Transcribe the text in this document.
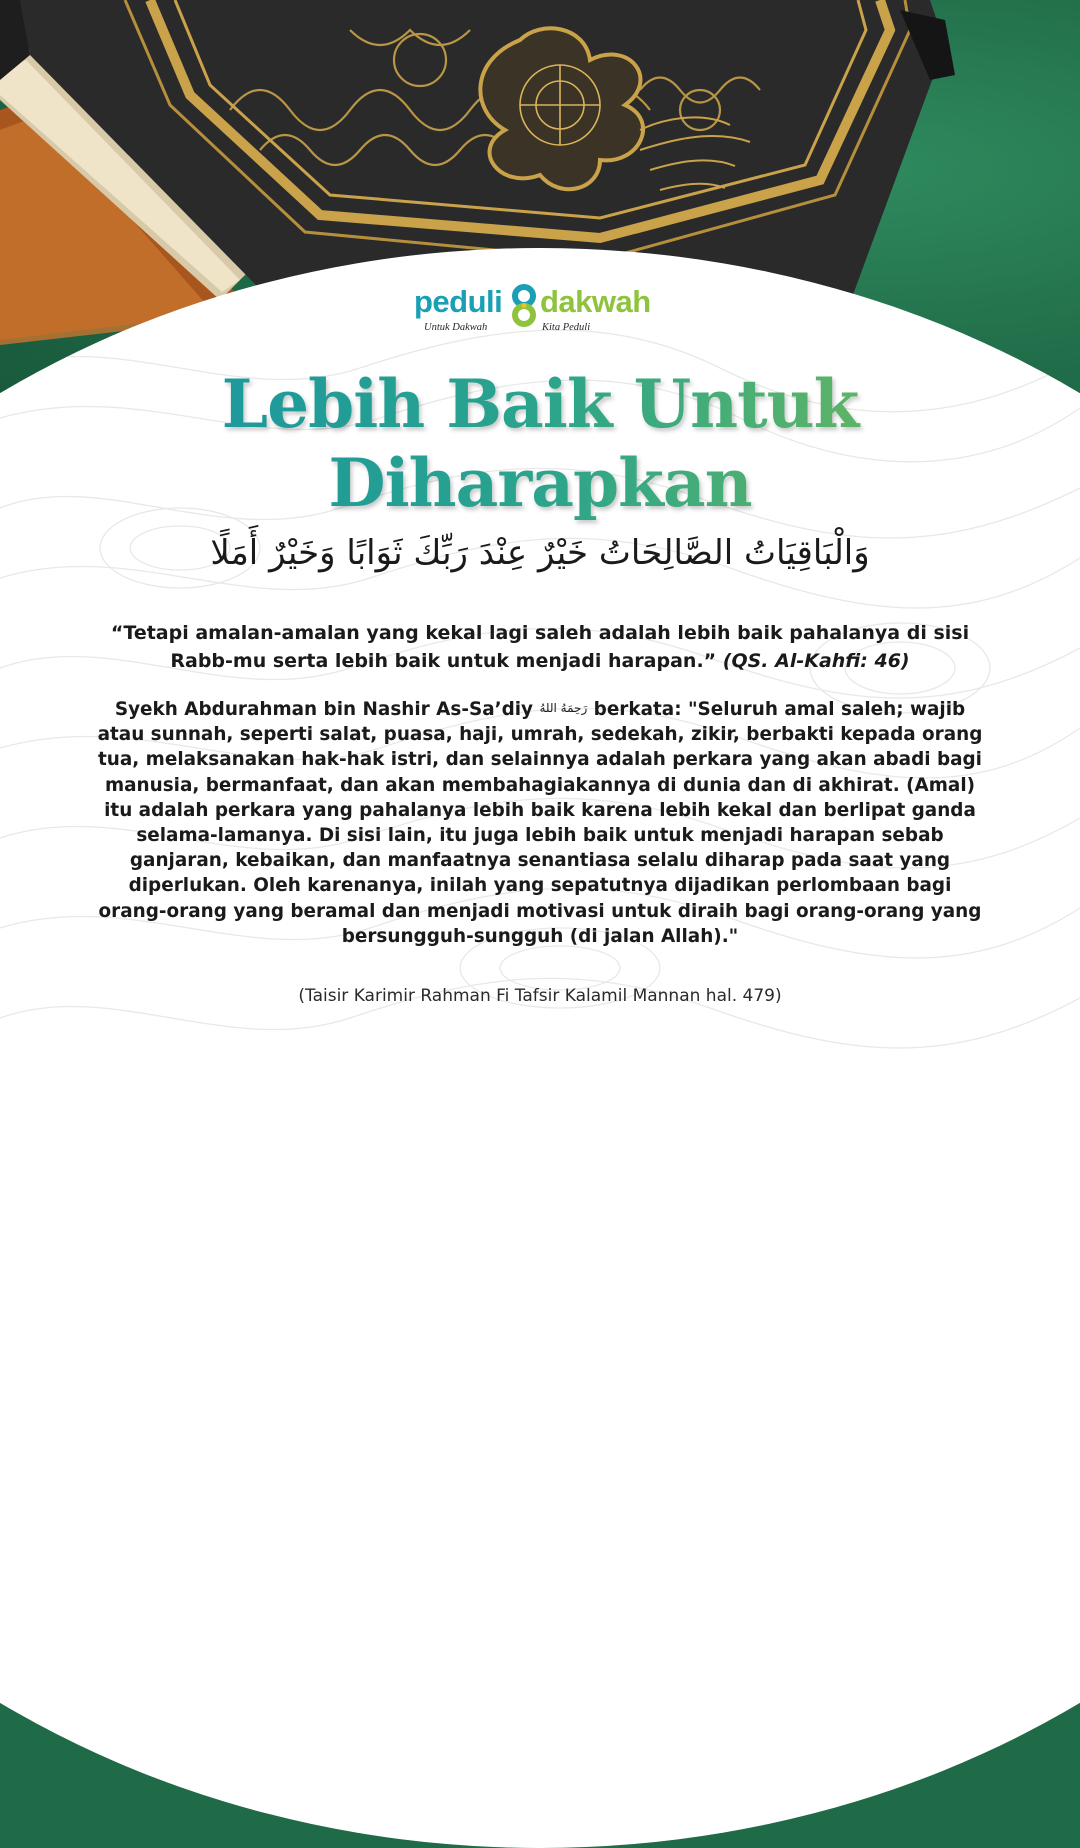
peduli dakwah
Untuk Dakwah	Kita Peduli
Lebih Baik Untuk
Diharapkan
وَالْبَاقِيَاتُ الصَّالِحَاتُ خَيْرٌ عِنْدَ رَبِّكَ ثَوَابًا وَخَيْرٌ أَمَلًا
“Tetapi amalan-amalan yang kekal lagi saleh adalah lebih baik pahalanya di sisi Rabb-mu serta lebih baik untuk menjadi harapan.” (QS. Al-Kahfi: 46)
Syekh Abdurahman bin Nashir As-Sa’diy رَحِمَهُ اللهُ berkata: "Seluruh amal saleh; wajib atau sunnah, seperti salat, puasa, haji, umrah, sedekah, zikir, berbakti kepada orang tua, melaksanakan hak-hak istri, dan selainnya adalah perkara yang akan abadi bagi manusia, bermanfaat, dan akan membahagiakannya di dunia dan di akhirat. (Amal) itu adalah perkara yang pahalanya lebih baik karena lebih kekal dan berlipat ganda selama-lamanya. Di sisi lain, itu juga lebih baik untuk menjadi harapan sebab ganjaran, kebaikan, dan manfaatnya senantiasa selalu diharap pada saat yang diperlukan. Oleh karenanya, inilah yang sepatutnya dijadikan perlombaan bagi orang-orang yang beramal dan menjadi motivasi untuk diraih bagi orang-orang yang bersungguh-sungguh (di jalan Allah)."
(Taisir Karimir Rahman Fi Tafsir Kalamil Mannan hal. 479)
